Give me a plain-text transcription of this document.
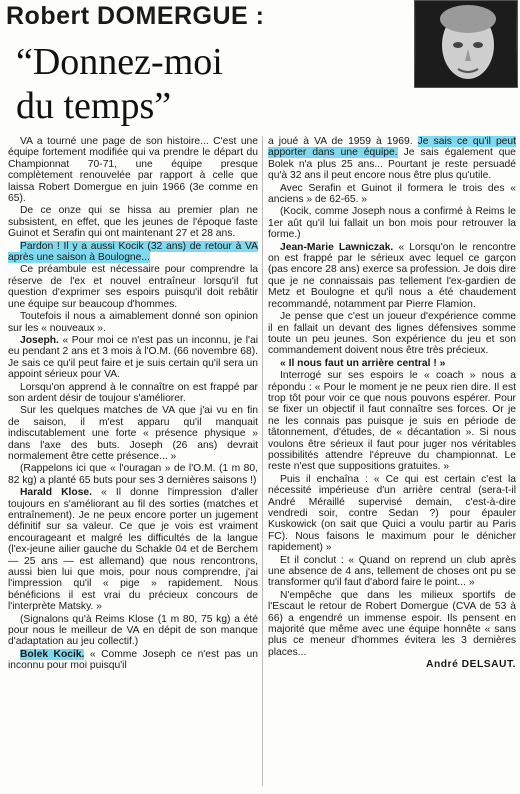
Robert DOMERGUE :
“Donnez-moi
du temps”

VA a tourné une page de son histoire... C'est une équipe fortement modifiée qui va prendre le départ du Championnat 70-71, une équipe presque complètement renouvelée par rapport à celle que laissa Robert Domergue en juin 1966 (3e comme en 65).

De ce onze qui se hissa au premier plan ne subsistent, en effet, que les jeunes de l'époque faste Guinot et Serafin qui ont maintenant 27 et 28 ans.

Pardon ! Il y a aussi Kocik (32 ans) de retour à VA après une saison à Boulogne...

Ce préambule est nécessaire pour comprendre la réserve de l'ex et nouvel entraîneur lorsqu'il fut question d'exprimer ses espoirs puisqu'il doit rebâtir une équipe sur beaucoup d'hommes.

Toutefois il nous a aimablement donné son opinion sur les « nouveaux ».

Joseph. « Pour moi ce n'est pas un inconnu, je l'ai eu pendant 2 ans et 3 mois à l'O.M. (66 novembre 68). Je sais ce qu'il peut faire et je suis certain qu'il sera un appoint sérieux pour VA.

Lorsqu'on apprend à le connaître on est frappé par son ardent désir de toujour s'améliorer.

Sur les quelques matches de VA que j'ai vu en fin de saison, il m'est apparu qu'il manquait indiscutablement une forte « présence physique » dans l'axe des buts. Joseph (26 ans) devrait normalement être cette présence... »

(Rappelons ici que « l'ouragan » de l'O.M. (1 m 80, 82 kg) a planté 65 buts pour ses 3 dernières saisons !)

Harald Klose. « Il donne l'impression d'aller toujours en s'améliorant au fil des sorties (matches et entraînement). Je ne peux encore porter un jugement définitif sur sa valeur. Ce que je vois est vraiment encourageant et malgré les difficultés de la langue (l'ex-jeune ailier gauche du Schakle 04 et de Berchem — 25 ans — est allemand) que nous rencontrons, aussi bien lui que mois, pour nous comprendre, j'ai l'impression qu'il « pige » rapidement. Nous bénéficions il est vrai du précieux concours de l'interprète Matsky. »

(Signalons qu'à Reims Klose (1 m 80, 75 kg) a été pour nous le meilleur de VA en dépit de son manque d'adaptation au jeu collectif.)

Bolek Kocik. « Comme Joseph ce n'est pas un inconnu pour moi puisqu'il

a joué à VA de 1959 à 1969. Je sais ce qu'il peut apporter dans une équipe. Je sais également que Bolek n'a plus 25 ans... Pourtant je reste persuadé qu'à 32 ans il peut encore nous être plus qu'utile.

Avec Serafin et Guinot il formera le trois des « anciens » de 62-65. »

(Kocik, comme Joseph nous a confirmé à Reims le 1er aût qu'il lui fallait un bon mois pour retrouver la forme.)

Jean-Marie Lawniczak. « Lorsqu'on le rencontre on est frappé par le sérieux avec lequel ce garçon (pas encore 28 ans) exerce sa profession. Je dois dire que je ne connaissais pas tellement l'ex-gardien de Metz et Boulogne et qu'il nous a été chaudement recommandé, notamment par Pierre Flamion.

Je pense que c'est un joueur d'expérience comme il en fallait un devant des lignes défensives somme toute un peu jeunes. Son expérience du jeu et son commandement doivent nous être très précieux.

« Il nous faut un arrière central ! »

Interrogé sur ses espoirs le « coach » nous a répondu : « Pour le moment je ne peux rien dire. Il est trop tôt pour voir ce que nous pouvons espérer. Pour se fixer un objectif il faut connaître ses forces. Or je ne les connais pas puisque je suis en période de tâtonnement, d'études, de « décantation ». Si nous voulons être sérieux il faut pour juger nos véritables possibilités attendre l'épreuve du championnat. Le reste n'est que suppositions gratuites. »

Puis il enchaîna : « Ce qui est certain c'est la nécessité impérieuse d'un arrière central (sera-t-il André Méraillé supervisé demain, c'est-à-dire vendredi soir, contre Sedan ?) pour épauler Kuskowick (on sait que Quici a voulu partir au Paris FC). Nous faisons le maximum pour le dénicher rapidement) »

Et il conclut : « Quand on reprend un club après une absence de 4 ans, tellement de choses ont pu se transformer qu'il faut d'abord faire le point... »

N'empêche que dans les milieux sportifs de l'Escaut le retour de Robert Domergue (CVA de 53 à 66) a engendré un immense espoir. Ils pensent en majorité que même avec une équipe honnête « sans plus ce meneur d'hommes évitera les 3 dernières places...

André DELSAUT.
